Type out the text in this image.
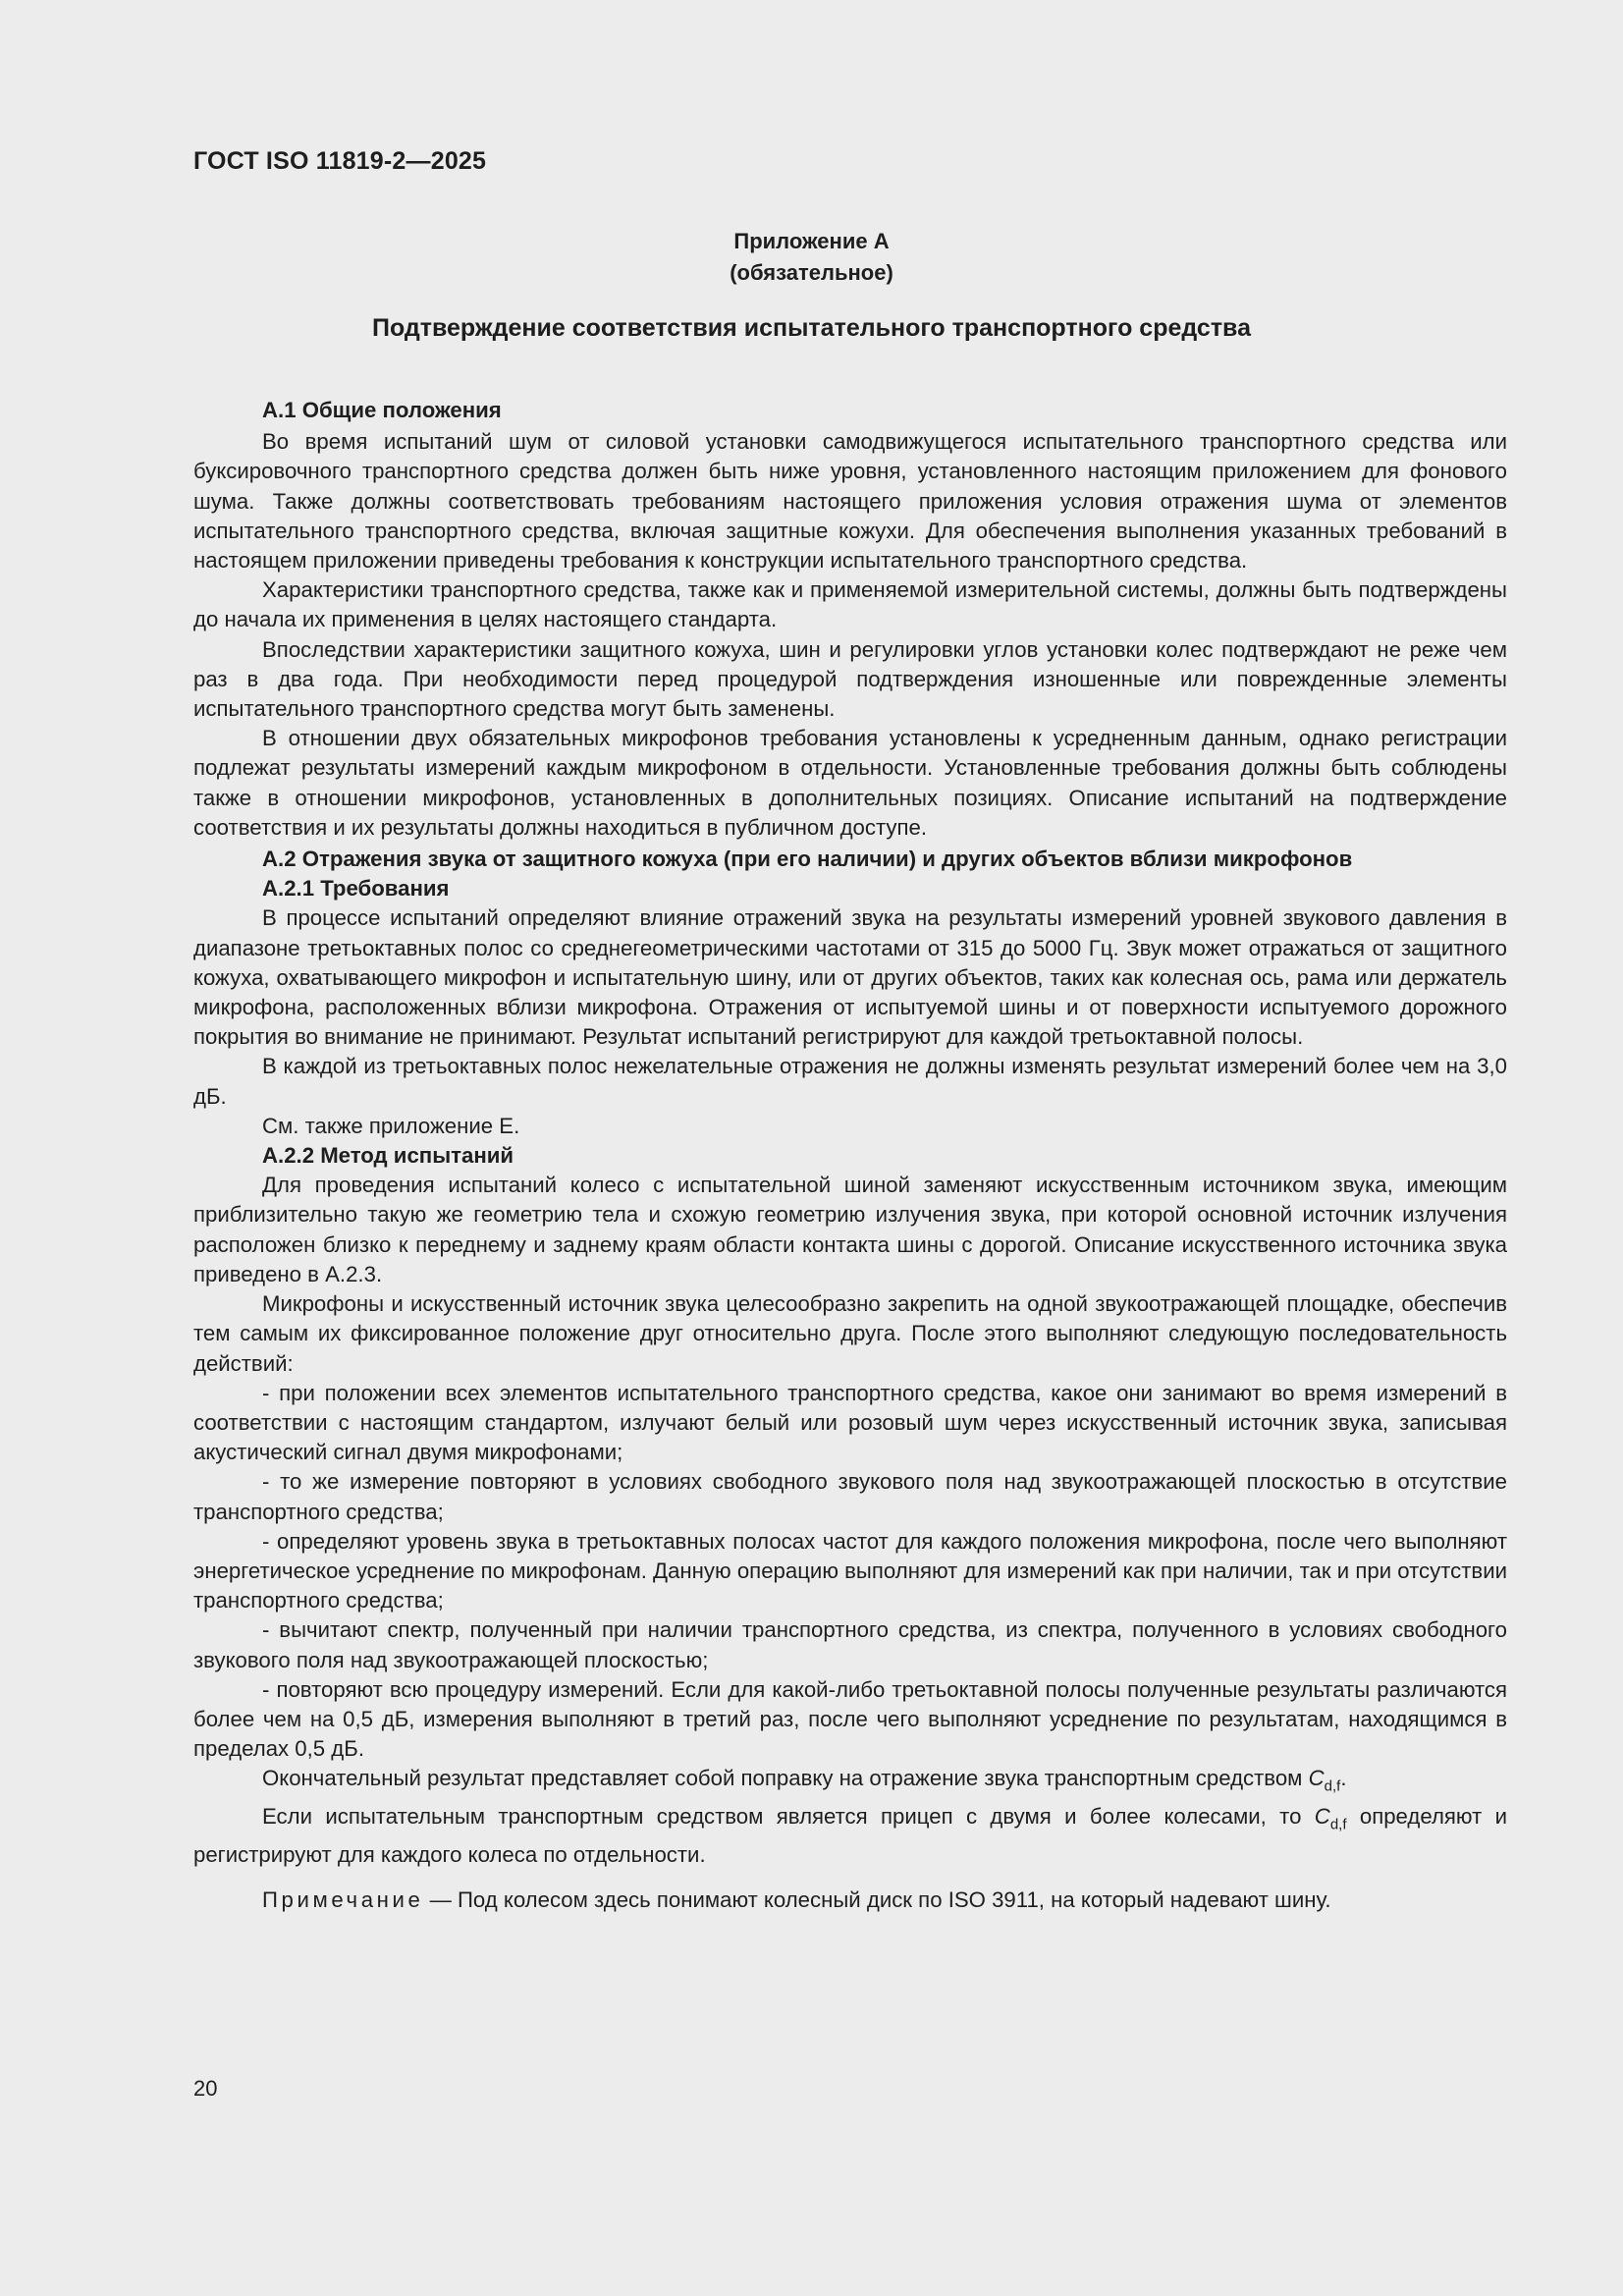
ГОСТ ISO 11819-2—2025
Приложение А
(обязательное)
Подтверждение соответствия испытательного транспортного средства

А.1 Общие положения

Во время испытаний шум от силовой установки самодвижущегося испытательного транспортного средства или буксировочного транспортного средства должен быть ниже уровня, установленного настоящим приложением для фонового шума. Также должны соответствовать требованиям настоящего приложения условия отражения шума от элементов испытательного транспортного средства, включая защитные кожухи. Для обеспечения выполнения указанных требований в настоящем приложении приведены требования к конструкции испытательного транспортного средства.

Характеристики транспортного средства, также как и применяемой измерительной системы, должны быть подтверждены до начала их применения в целях настоящего стандарта.

Впоследствии характеристики защитного кожуха, шин и регулировки углов установки колес подтверждают не реже чем раз в два года. При необходимости перед процедурой подтверждения изношенные или поврежденные элементы испытательного транспортного средства могут быть заменены.

В отношении двух обязательных микрофонов требования установлены к усредненным данным, однако регистрации подлежат результаты измерений каждым микрофоном в отдельности. Установленные требования должны быть соблюдены также в отношении микрофонов, установленных в дополнительных позициях. Описание испытаний на подтверждение соответствия и их результаты должны находиться в публичном доступе.

А.2 Отражения звука от защитного кожуха (при его наличии) и других объектов вблизи микрофонов

А.2.1 Требования

В процессе испытаний определяют влияние отражений звука на результаты измерений уровней звукового давления в диапазоне третьоктавных полос со среднегеометрическими частотами от 315 до 5000 Гц. Звук может отражаться от защитного кожуха, охватывающего микрофон и испытательную шину, или от других объектов, таких как колесная ось, рама или держатель микрофона, расположенных вблизи микрофона. Отражения от испытуемой шины и от поверхности испытуемого дорожного покрытия во внимание не принимают. Результат испытаний регистрируют для каждой третьоктавной полосы.

В каждой из третьоктавных полос нежелательные отражения не должны изменять результат измерений более чем на 3,0 дБ.

См. также приложение Е.

А.2.2 Метод испытаний

Для проведения испытаний колесо с испытательной шиной заменяют искусственным источником звука, имеющим приблизительно такую же геометрию тела и схожую геометрию излучения звука, при которой основной источник излучения расположен близко к переднему и заднему краям области контакта шины с дорогой. Описание искусственного источника звука приведено в А.2.3.

Микрофоны и искусственный источник звука целесообразно закрепить на одной звукоотражающей площадке, обеспечив тем самым их фиксированное положение друг относительно друга. После этого выполняют следующую последовательность действий:

- при положении всех элементов испытательного транспортного средства, какое они занимают во время измерений в соответствии с настоящим стандартом, излучают белый или розовый шум через искусственный источник звука, записывая акустический сигнал двумя микрофонами;

- то же измерение повторяют в условиях свободного звукового поля над звукоотражающей плоскостью в отсутствие транспортного средства;

- определяют уровень звука в третьоктавных полосах частот для каждого положения микрофона, после чего выполняют энергетическое усреднение по микрофонам. Данную операцию выполняют для измерений как при наличии, так и при отсутствии транспортного средства;

- вычитают спектр, полученный при наличии транспортного средства, из спектра, полученного в условиях свободного звукового поля над звукоотражающей плоскостью;

- повторяют всю процедуру измерений. Если для какой-либо третьоктавной полосы полученные результаты различаются более чем на 0,5 дБ, измерения выполняют в третий раз, после чего выполняют усреднение по результатам, находящимся в пределах 0,5 дБ.

Окончательный результат представляет собой поправку на отражение звука транспортным средством $C_{d,f}$.

Если испытательным транспортным средством является прицеп с двумя и более колесами, то $C_{d,f}$ определяют и регистрируют для каждого колеса по отдельности.

Примечание — Под колесом здесь понимают колесный диск по ISO 3911, на который надевают шину.

20
